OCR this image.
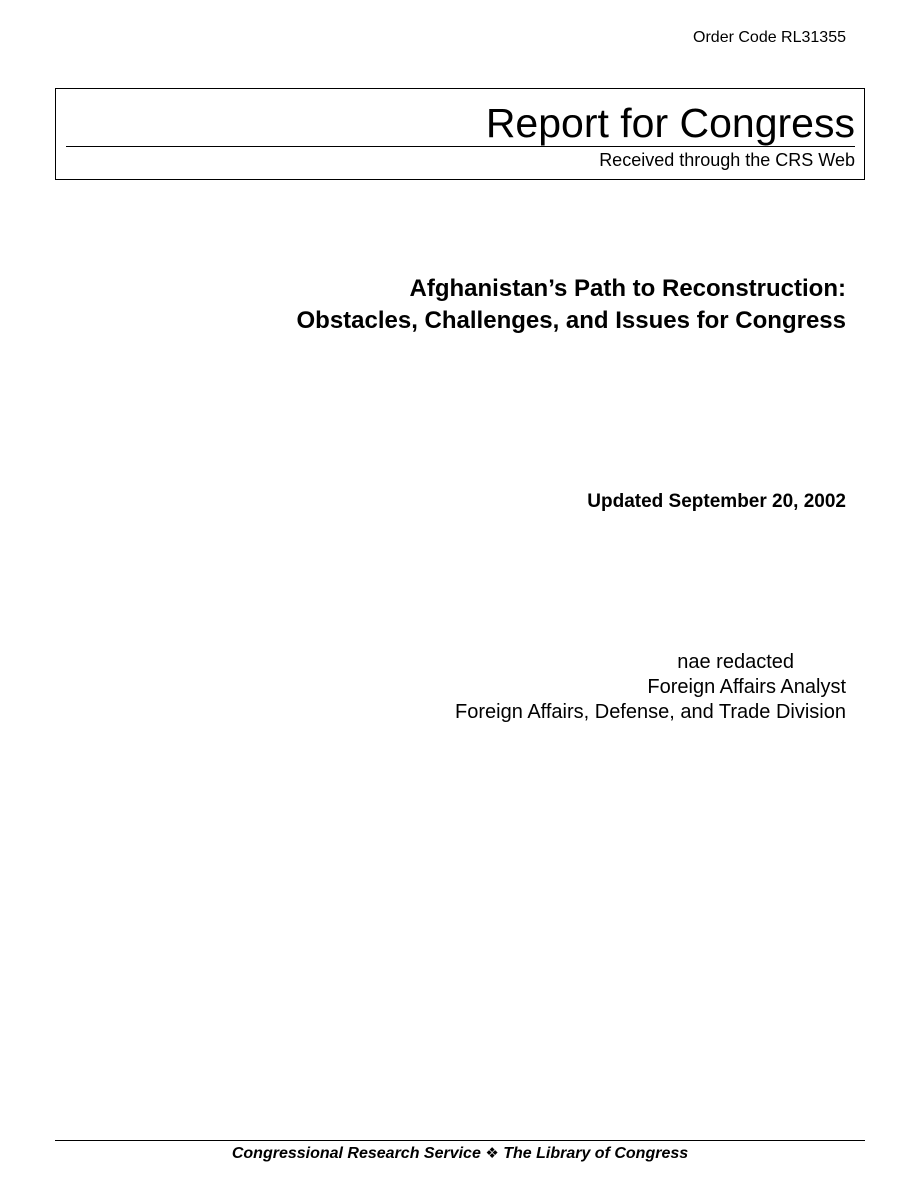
Order Code RL31355
Report for Congress
Received through the CRS Web
Afghanistan’s Path to Reconstruction:
Obstacles, Challenges, and Issues for Congress
Updated September 20, 2002
nae redacted
Foreign Affairs Analyst
Foreign Affairs, Defense, and Trade Division
Congressional Research Service ❖ The Library of Congress
